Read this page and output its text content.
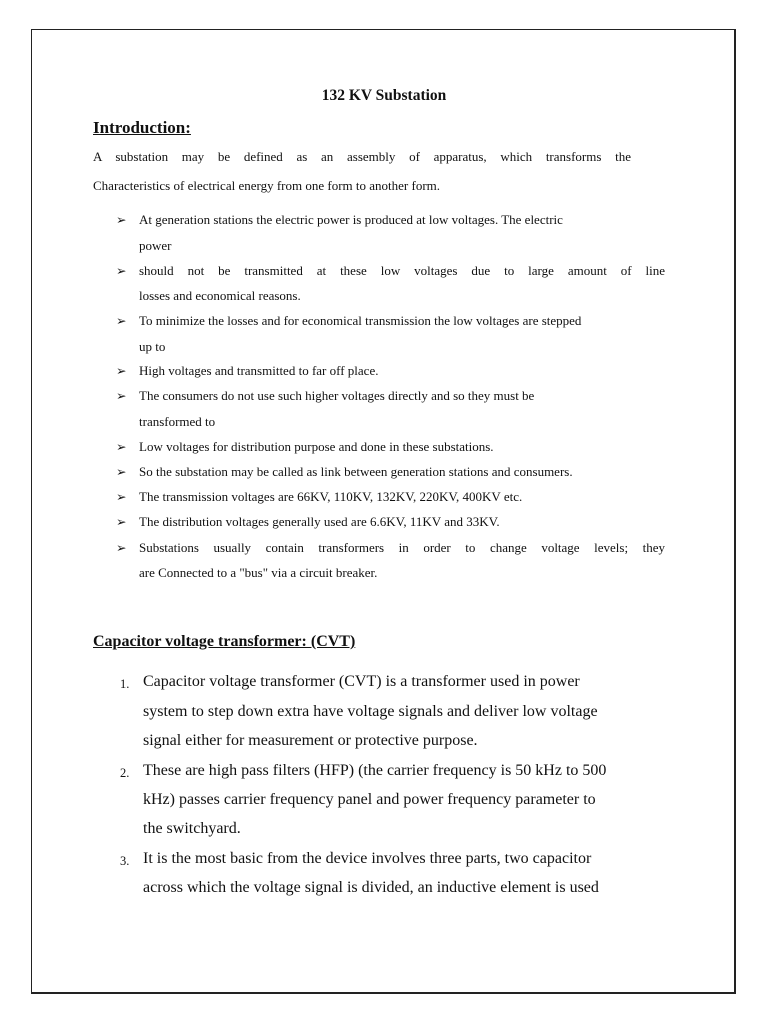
132 KV Substation
Introduction:
A substation may be defined as an assembly of apparatus, which transforms the
Characteristics of electrical energy from one form to another form.
➢ At generation stations the electric power is produced at low voltages. The electric
power
➢ should not be transmitted at these low voltages due to large amount of line
losses and economical reasons.
➢ To minimize the losses and for economical transmission the low voltages are stepped
up to
➢ High voltages and transmitted to far off place.
➢ The consumers do not use such higher voltages directly and so they must be
transformed to
➢ Low voltages for distribution purpose and done in these substations.
➢ So the substation may be called as link between generation stations and consumers.
➢ The transmission voltages are 66KV, 110KV, 132KV, 220KV, 400KV etc.
➢ The distribution voltages generally used are 6.6KV, 11KV and 33KV.
➢ Substations usually contain transformers in order to change voltage levels; they
are Connected to a "bus" via a circuit breaker.
Capacitor voltage transformer: (CVT)
1. Capacitor voltage transformer (CVT) is a transformer used in power
system to step down extra have voltage signals and deliver low voltage
signal either for measurement or protective purpose.
2. These are high pass filters (HFP) (the carrier frequency is 50 kHz to 500
kHz) passes carrier frequency panel and power frequency parameter to
the switchyard.
3. It is the most basic from the device involves three parts, two capacitor
across which the voltage signal is divided, an inductive element is used
